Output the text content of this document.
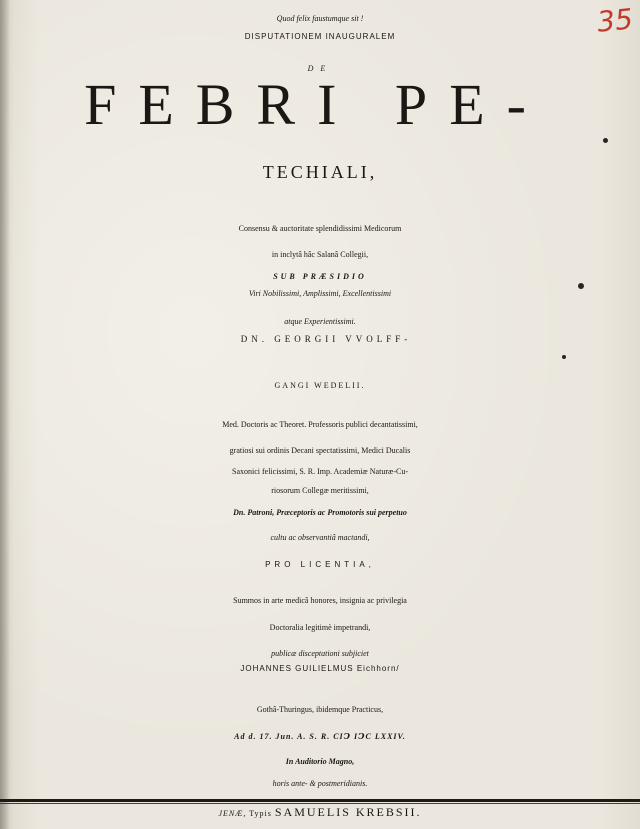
35
Quod felix faustumque sit !
DISPUTATIONEM INAUGURALEM
DE
FEBRI PE-
TECHIALI,
Consensu & auctoritate splendidissimi Medicorum
in inclytâ hâc Salanâ Collegii,
SUB PRÆSIDIO
Viri Nobilissimi, Amplissimi, Excellentissimi
atque Experientissimi.
DN. GEORGII VVOLFF-
GANGI WEDELII.
Med. Doctoris ac Theoret. Professoris publici decantatissimi,
gratiosi sui ordinis Decani spectatissimi, Medici Ducalis
Saxonici felicissimi, S. R. Imp. Academiæ Naturæ-Cu-
riosorum Collegæ meritissimi,
Dn. Patroni, Præceptoris ac Promotoris sui perpetuo
cultu ac observantiâ mactandi,
PRO LICENTIA,
Summos in arte medicâ honores, insignia ac privilegia
Doctoralia legitimè impetrandi,
publicæ disceptationi subjiciet
JOHANNES GUILIELMUS Eichhorn/
Gothâ-Thuringus, ibidemque Practicus,
Ad d. 17. Jun. A. S. R. CIↃ IↃC LXXIV.
In Auditorio Magno,
horis ante- & postmeridianis.
JENÆ, Typis SAMUELIS KREBSII.
